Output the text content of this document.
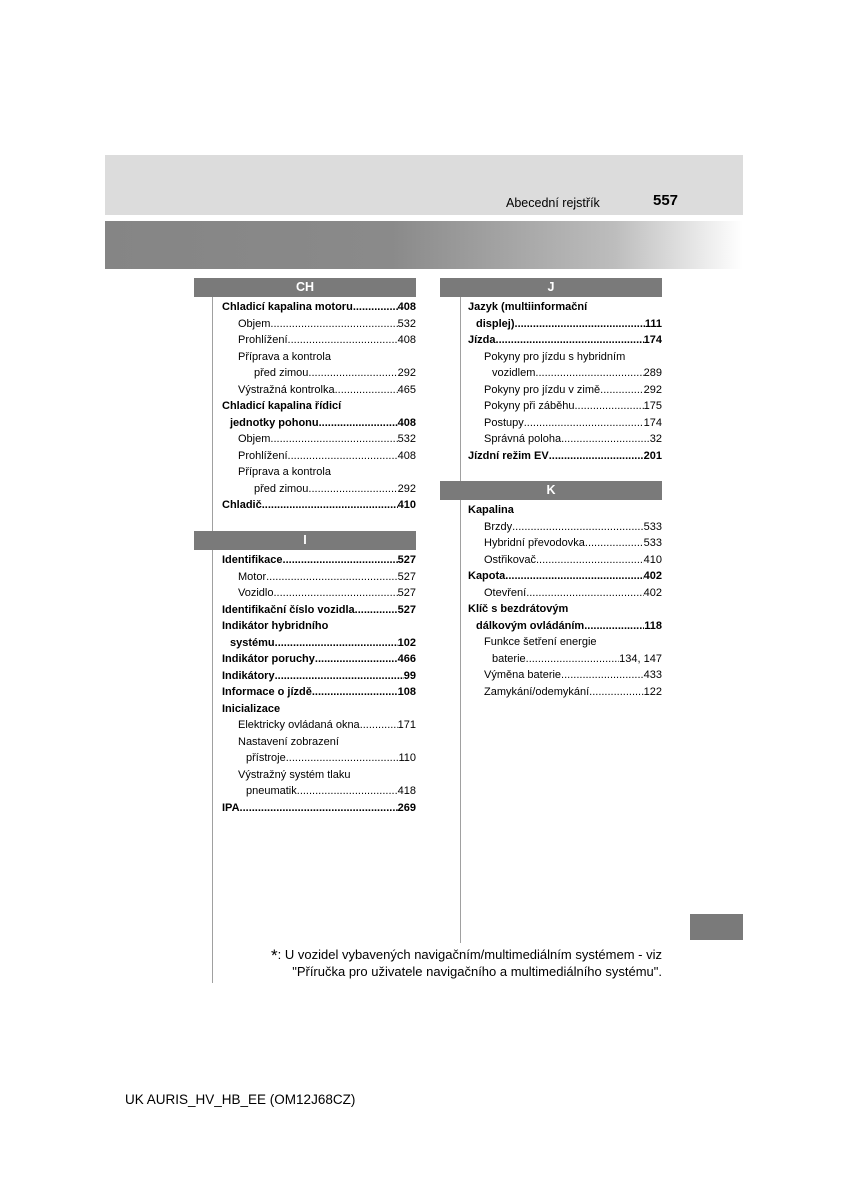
Abecední rejstřík	557
CH
Chladicí kapalina motoru .....	408
Objem .....	532
Prohlížení .....	408
Příprava a kontrola
před zimou .....	292
Výstražná kontrolka .....	465
Chladicí kapalina řídicí
jednotky pohonu .....	408
Objem .....	532
Prohlížení .....	408
Příprava a kontrola
před zimou .....	292
Chladič .....	410
I
Identifikace .....	527
Motor .....	527
Vozidlo .....	527
Identifikační číslo vozidla .....	527
Indikátor hybridního
systému .....	102
Indikátor poruchy .....	466
Indikátory .....	99
Informace o jízdě .....	108
Inicializace
Elektricky ovládaná okna .....	171
Nastavení zobrazení
přístroje .....	110
Výstražný systém tlaku
pneumatik .....	418
IPA .....	269
J
Jazyk (multiinformační
displej) .....	111
Jízda .....	174
Pokyny pro jízdu s hybridním
vozidlem .....	289
Pokyny pro jízdu v zimě .....	292
Pokyny při záběhu .....	175
Postupy .....	174
Správná poloha .....	32
Jízdní režim EV .....	201
K
Kapalina
Brzdy .....	533
Hybridní převodovka .....	533
Ostřikovač .....	410
Kapota .....	402
Otevření .....	402
Klíč s bezdrátovým
dálkovým ovládáním .....	118
Funkce šetření energie
baterie .....	134, 147
Výměna baterie .....	433
Zamykání/odemykání .....	122
*: U vozidel vybavených navigačním/multimediálním systémem - viz
"Příručka pro uživatele navigačního a multimediálního systému".
UK AURIS_HV_HB_EE (OM12J68CZ)
